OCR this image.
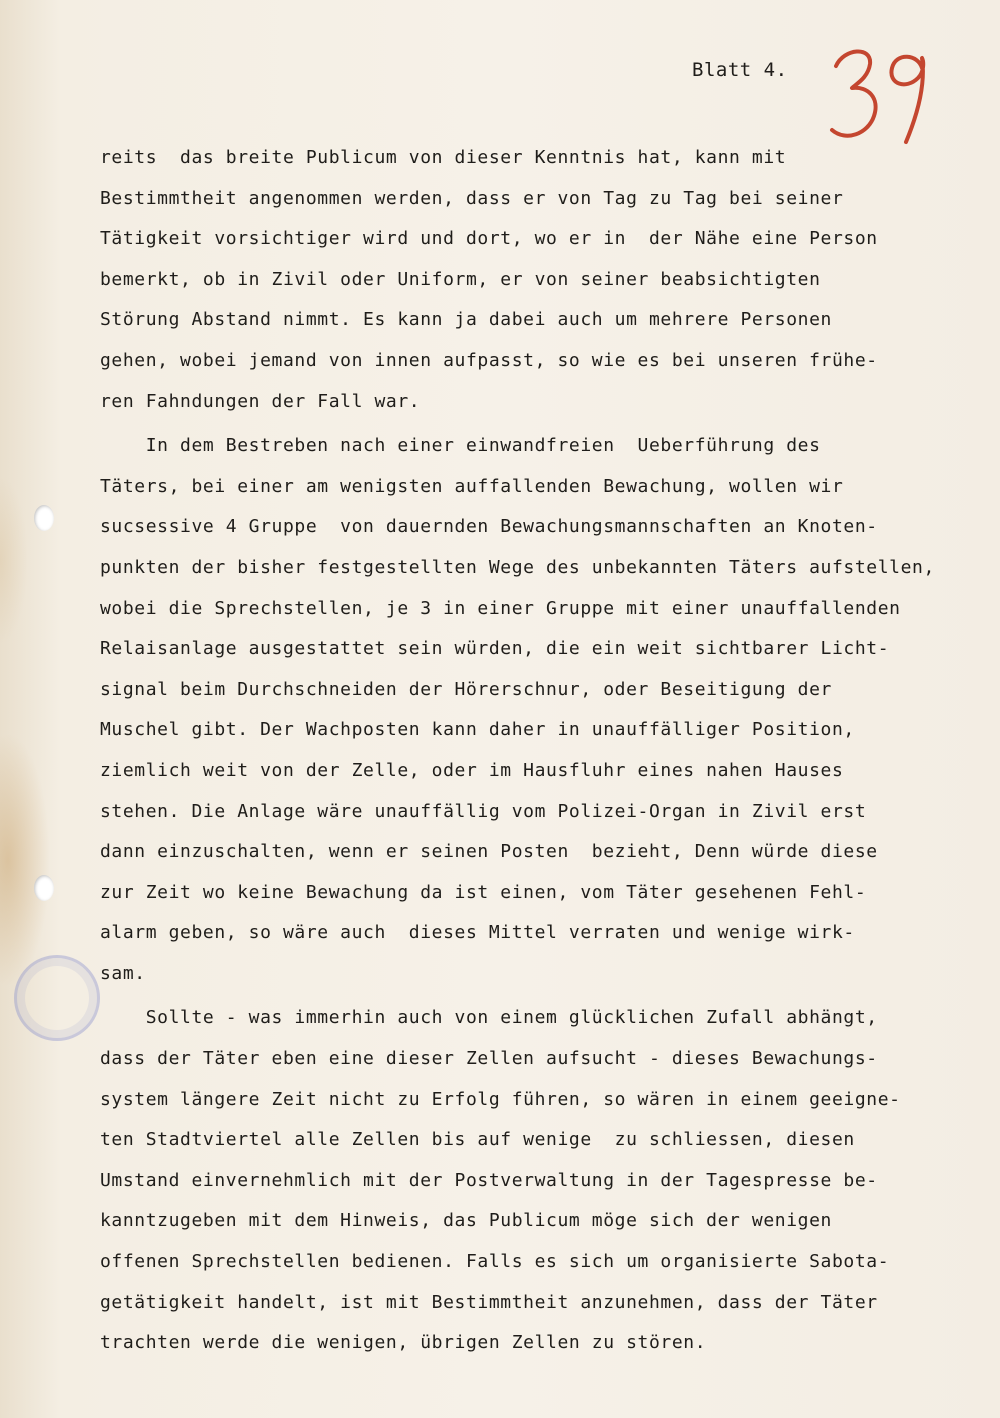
Blatt 4.
reits  das breite Publicum von dieser Kenntnis hat, kann mit
Bestimmtheit angenommen werden, dass er von Tag zu Tag bei seiner
Tätigkeit vorsichtiger wird und dort, wo er in  der Nähe eine Person
bemerkt, ob in Zivil oder Uniform, er von seiner beabsichtigten
Störung Abstand nimmt. Es kann ja dabei auch um mehrere Personen
gehen, wobei jemand von innen aufpasst, so wie es bei unseren frühe-
ren Fahndungen der Fall war.
In dem Bestreben nach einer einwandfreien  Ueberführung des
Täters, bei einer am wenigsten auffallenden Bewachung, wollen wir
sucsessive 4 Gruppe  von dauernden Bewachungsmannschaften an Knoten-
punkten der bisher festgestellten Wege des unbekannten Täters aufstellen,
wobei die Sprechstellen, je 3 in einer Gruppe mit einer unauffallenden
Relaisanlage ausgestattet sein würden, die ein weit sichtbarer Licht-
signal beim Durchschneiden der Hörerschnur, oder Beseitigung der
Muschel gibt. Der Wachposten kann daher in unauffälliger Position,
ziemlich weit von der Zelle, oder im Hausfluhr eines nahen Hauses
stehen. Die Anlage wäre unauffällig vom Polizei-Organ in Zivil erst
dann einzuschalten, wenn er seinen Posten  bezieht, Denn würde diese
zur Zeit wo keine Bewachung da ist einen, vom Täter gesehenen Fehl-
alarm geben, so wäre auch  dieses Mittel verraten und wenige wirk-
sam.
Sollte - was immerhin auch von einem glücklichen Zufall abhängt,
dass der Täter eben eine dieser Zellen aufsucht - dieses Bewachungs-
system längere Zeit nicht zu Erfolg führen, so wären in einem geeigne-
ten Stadtviertel alle Zellen bis auf wenige  zu schliessen, diesen
Umstand einvernehmlich mit der Postverwaltung in der Tagespresse be-
kanntzugeben mit dem Hinweis, das Publicum möge sich der wenigen
offenen Sprechstellen bedienen. Falls es sich um organisierte Sabota-
getätigkeit handelt, ist mit Bestimmtheit anzunehmen, dass der Täter
trachten werde die wenigen, übrigen Zellen zu stören.
